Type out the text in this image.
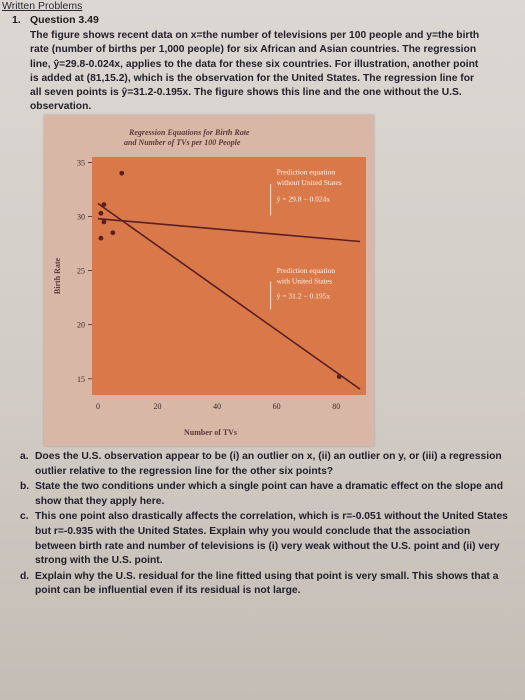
Written Problems
1. Question 3.49
The figure shows recent data on x=the number of televisions per 100 people and y=the birth rate (number of births per 1,000 people) for six African and Asian countries. The regression line, ŷ=29.8-0.024x, applies to the data for these six countries. For illustration, another point is added at (81,15.2), which is the observation for the United States. The regression line for all seven points is ŷ=31.2-0.195x. The figure shows this line and the one without the U.S. observation.
Regression Equations for Birth Rate
and Number of TVs per 100 People
15
20
25
30
35
0	20	40	60	80
Number of TVs
Birth Rate
Prediction equation
without United States
ŷ = 29.8 − 0.024x
Prediction equation
with United States
ŷ = 31.2 − 0.195x
a. Does the U.S. observation appear to be (i) an outlier on x, (ii) an outlier on y, or (iii) a regression outlier relative to the regression line for the other six points?
b. State the two conditions under which a single point can have a dramatic effect on the slope and show that they apply here.
c. This one point also drastically affects the correlation, which is r=-0.051 without the United States but r=-0.935 with the United States. Explain why you would conclude that the association between birth rate and number of televisions is (i) very weak without the U.S. point and (ii) very strong with the U.S. point.
d. Explain why the U.S. residual for the line fitted using that point is very small. This shows that a point can be influential even if its residual is not large.
